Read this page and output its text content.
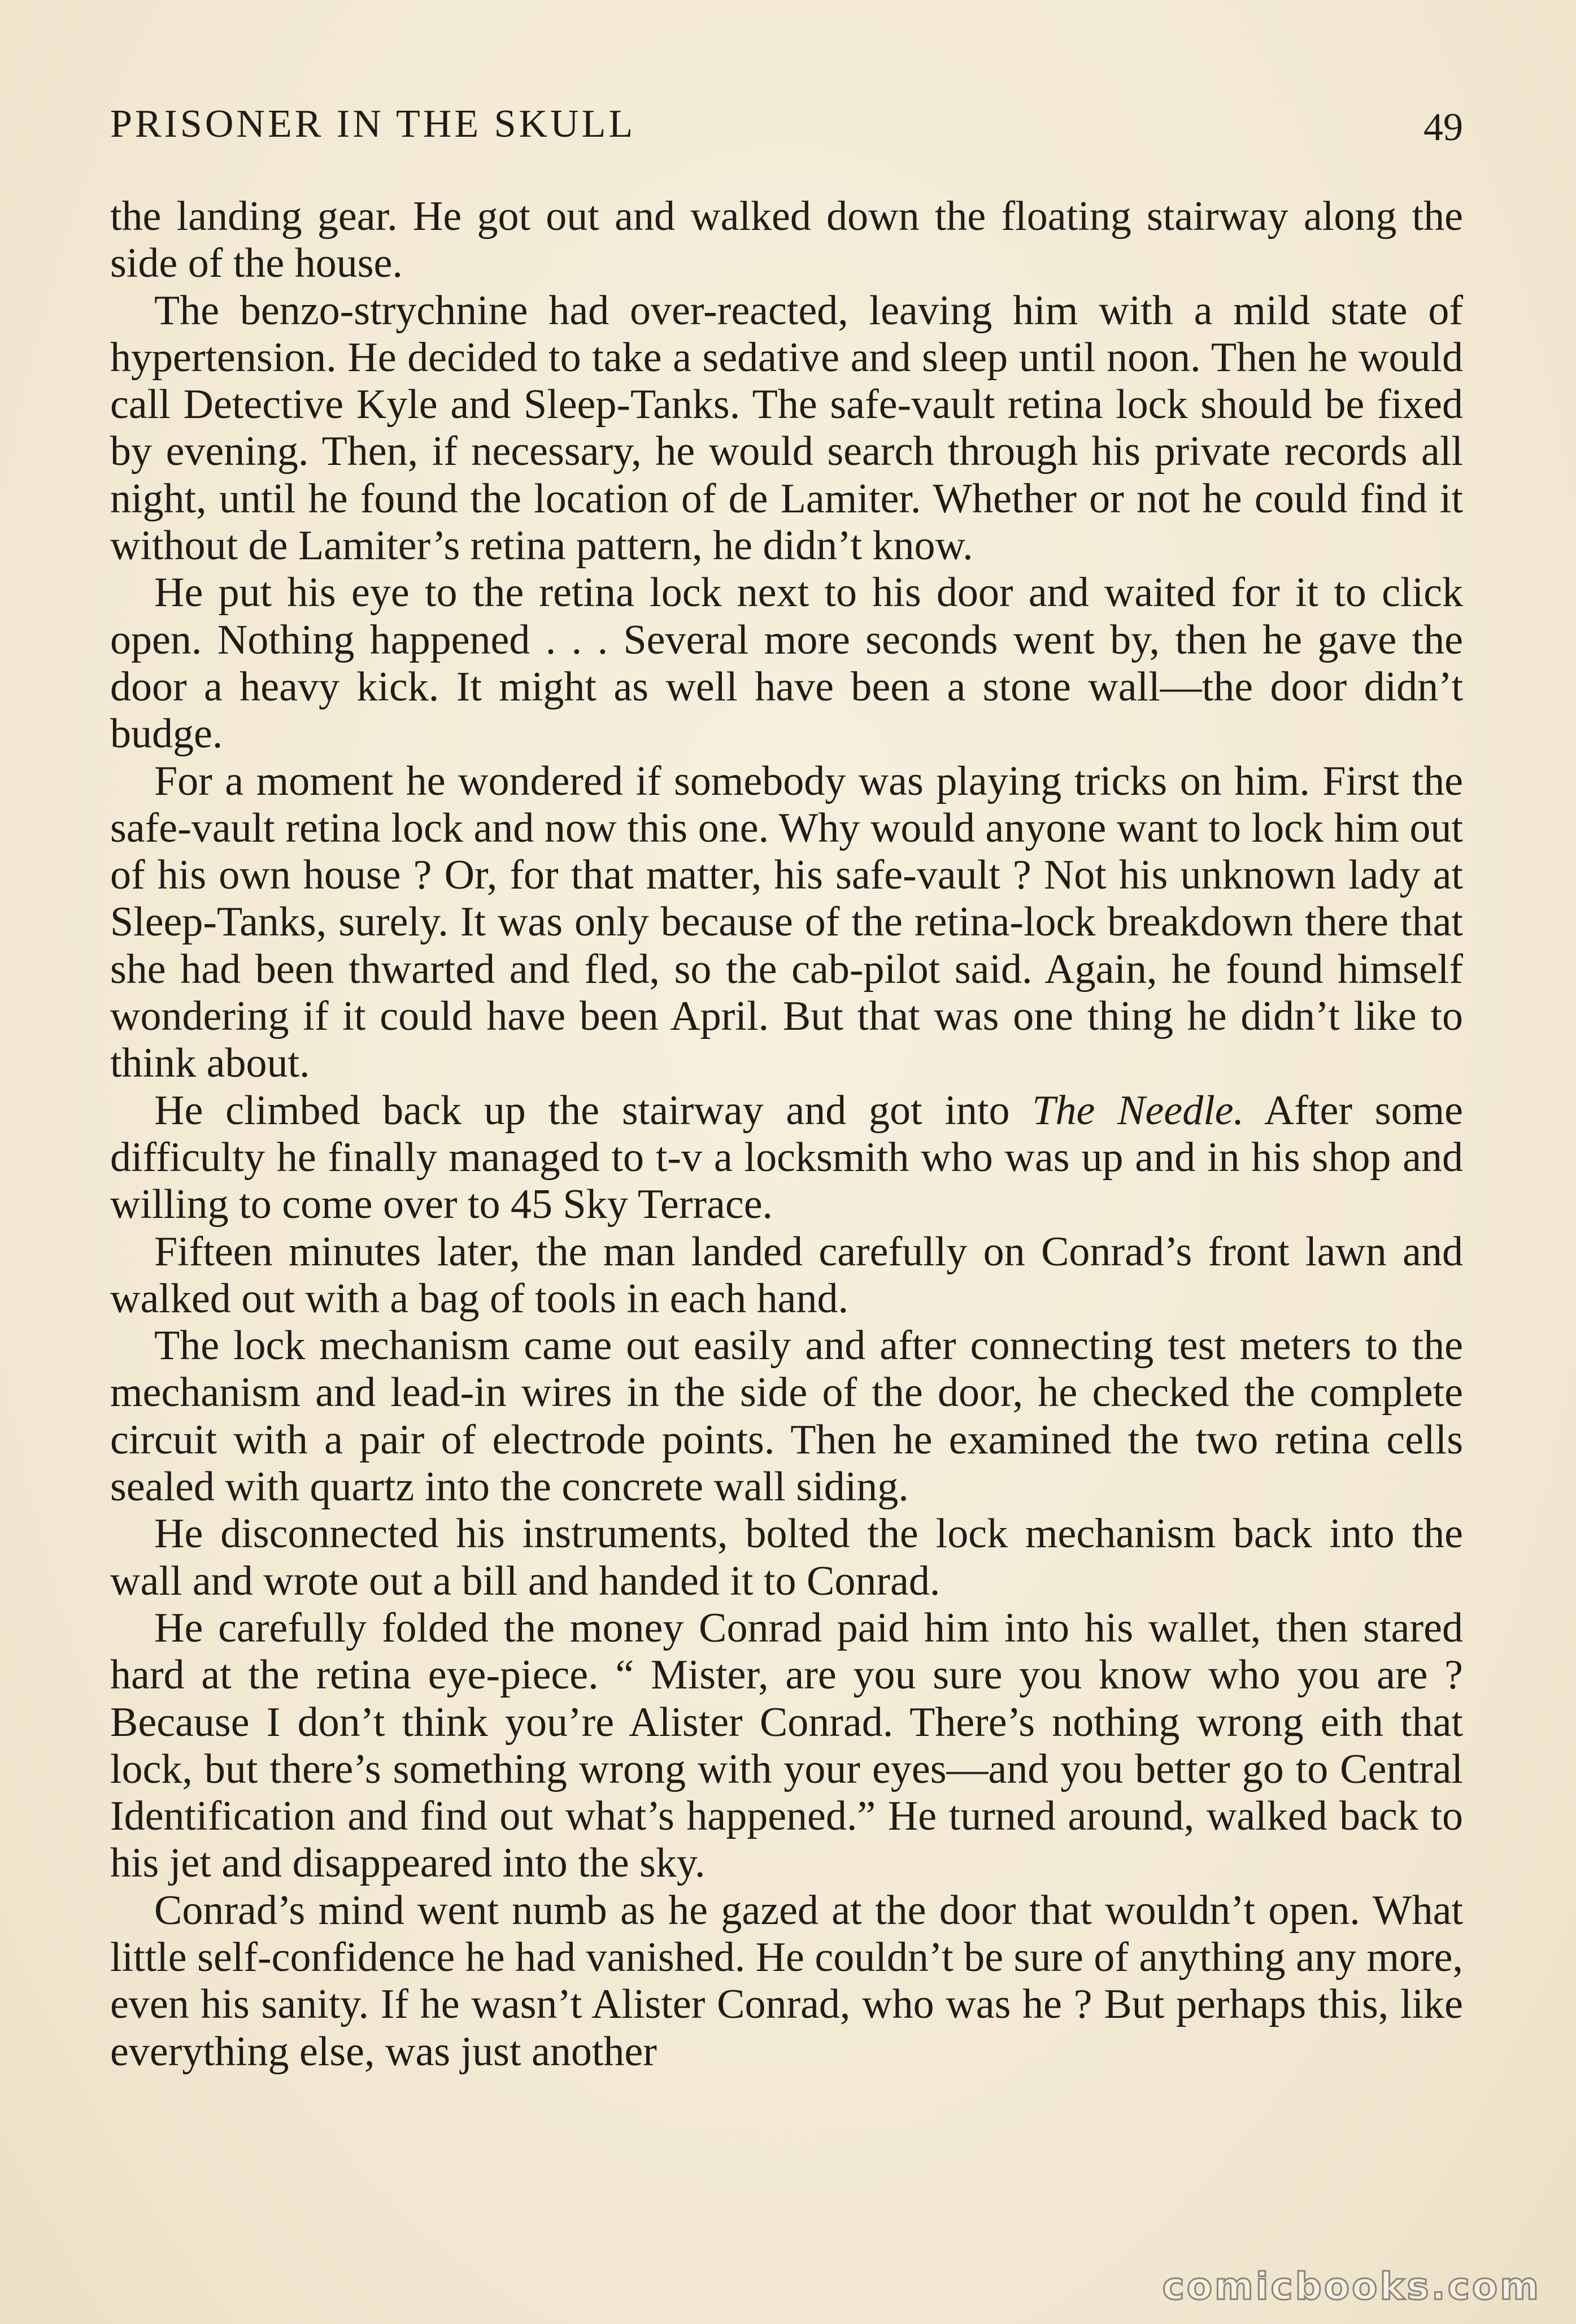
PRISONER IN THE SKULL	49

the landing gear. He got out and walked down the floating stairway along the side of the house.

The benzo-strychnine had over-reacted, leaving him with a mild state of hypertension. He decided to take a sedative and sleep until noon. Then he would call Detective Kyle and Sleep-Tanks. The safe-vault retina lock should be fixed by evening. Then, if necessary, he would search through his private records all night, until he found the location of de Lamiter. Whether or not he could find it without de Lamiter’s retina pattern, he didn’t know.

He put his eye to the retina lock next to his door and waited for it to click open. Nothing happened . . . Several more seconds went by, then he gave the door a heavy kick. It might as well have been a stone wall—the door didn’t budge.

For a moment he wondered if somebody was playing tricks on him. First the safe-vault retina lock and now this one. Why would anyone want to lock him out of his own house ? Or, for that matter, his safe-vault ? Not his unknown lady at Sleep-Tanks, surely. It was only because of the retina-lock breakdown there that she had been thwarted and fled, so the cab-pilot said. Again, he found himself wondering if it could have been April. But that was one thing he didn’t like to think about.

He climbed back up the stairway and got into The Needle. After some difficulty he finally managed to t-v a locksmith who was up and in his shop and willing to come over to 45 Sky Terrace.

Fifteen minutes later, the man landed carefully on Conrad’s front lawn and walked out with a bag of tools in each hand.

The lock mechanism came out easily and after connecting test meters to the mechanism and lead-in wires in the side of the door, he checked the complete circuit with a pair of electrode points. Then he examined the two retina cells sealed with quartz into the concrete wall siding.

He disconnected his instruments, bolted the lock mechanism back into the wall and wrote out a bill and handed it to Conrad.

He carefully folded the money Conrad paid him into his wallet, then stared hard at the retina eye-piece. “ Mister, are you sure you know who you are ? Because I don’t think you’re Alister Conrad. There’s nothing wrong eith that lock, but there’s something wrong with your eyes—and you better go to Central Identification and find out what’s happened.” He turned around, walked back to his jet and disappeared into the sky.

Conrad’s mind went numb as he gazed at the door that wouldn’t open. What little self-confidence he had vanished. He couldn’t be sure of anything any more, even his sanity. If he wasn’t Alister Conrad, who was he ? But perhaps this, like everything else, was just another

comicbooks.com
